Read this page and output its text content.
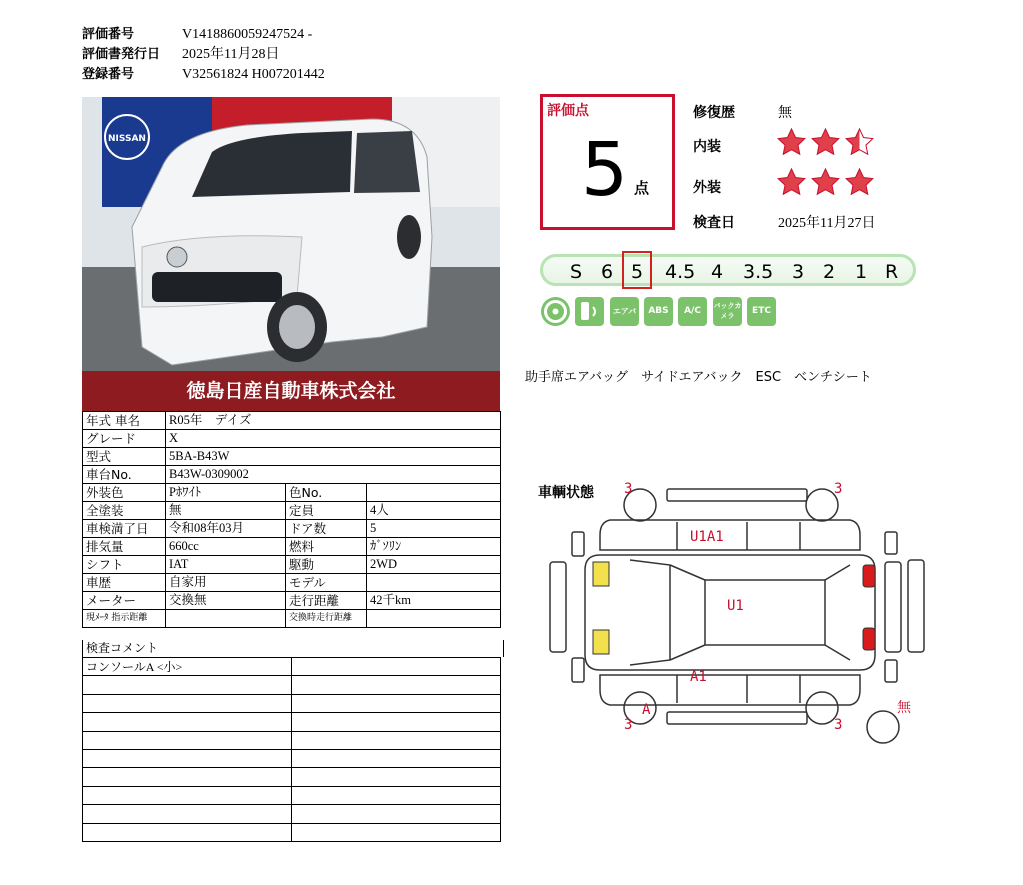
評価番号	V1418860059247524 -
評価書発行日 2025年11月28日
登録番号	V32561824 H007201442
NISSAN
徳島日産自動車株式会社
年式 車名	R05年　デイズ		
グレード	X		
型式	5BA-B43W		
車台No.	B43W-0309002		
外装色	Pﾎﾜｲﾄ	色No.	
全塗装	無	定員	4人
車検満了日	令和08年03月	ドア数	5
排気量	660cc	燃料	ｶﾞｿﾘﾝ
シフト	IAT	駆動	2WD
車歴	自家用	モデル	
メーター	交換無	走行距離	42千km
現ﾒｰﾀ 指示距離		交換時走行距離	
検査コメント
コンソールA <小>	

評価点
5 点
修復歴	無
内装
外装
検査日	2025年11月27日
S 6 5 4.5 4 3.5 3 2 1 R
エアバッグ
ABS	A/C	バックカメラ	ETC
助手席エアバッグ　サイドエアバック　ESC　ベンチシート
車輌状態 3	3
U1A1
U1
A1
A
3	3
無
